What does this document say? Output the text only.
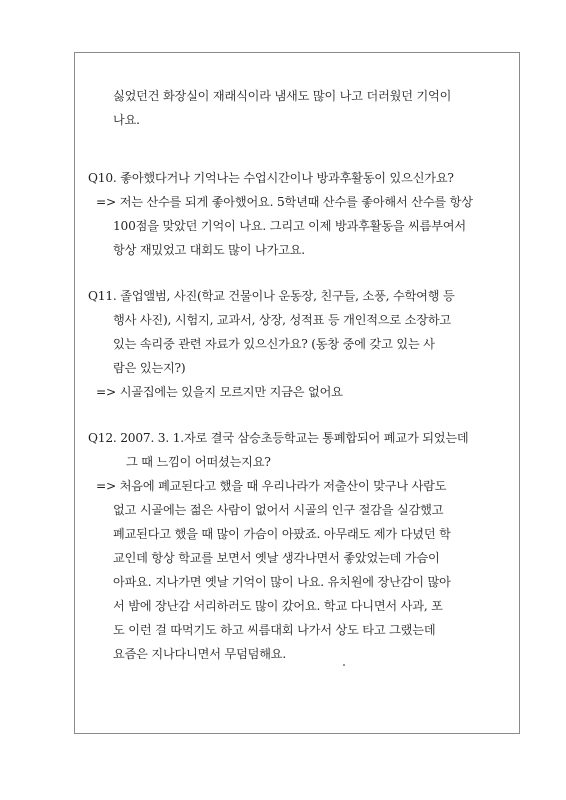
싫었던건 화장실이 재래식이라 냄새도 많이 나고 더러웠던 기억이
나요.
Q10. 좋아했다거나 기억나는 수업시간이나 방과후활동이 있으신가요?
=> 저는 산수를 되게 좋아했어요. 5학년때 산수를 좋아해서 산수를 항상
100점을 맞았던 기억이 나요. 그리고 이제 방과후활동을 씨름부여서
항상 재밌었고 대회도 많이 나가고요.
Q11. 졸업앨범, 사진(학교 건물이나 운동장, 친구들, 소풍, 수학여행 등
행사 사진), 시험지, 교과서, 상장, 성적표 등 개인적으로 소장하고
있는 속리중 관련 자료가 있으신가요? (동창 중에 갖고 있는 사
람은 있는지?)
=> 시골집에는 있을지 모르지만 지금은 없어요
Q12. 2007. 3. 1.자로 결국 삼승초등학교는 통폐합되어 폐교가 되었는데
그 때 느낌이 어떠셨는지요?
=> 처음에 폐교된다고 했을 때 우리나라가 저출산이 맞구나 사람도
없고 시골에는 젊은 사람이 없어서 시골의 인구 절감을 실감했고
폐교된다고 했을 때 많이 가슴이 아팠죠. 아무래도 제가 다녔던 학
교인데 항상 학교를 보면서 옛날 생각나면서 좋았었는데 가슴이
아파요. 지나가면 옛날 기억이 많이 나요. 유치원에 장난감이 많아
서 밤에 장난감 서리하러도 많이 갔어요. 학교 다니면서 사과, 포
도 이런 걸 따먹기도 하고 씨름대회 나가서 상도 타고 그랬는데
요즘은 지나다니면서 무덤덤해요.
